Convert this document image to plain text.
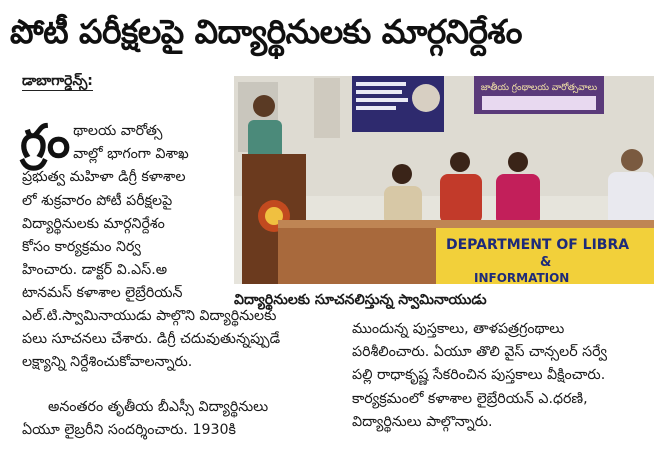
పోటీ పరీక్షలపై విద్యార్థినులకు మార్గనిర్దేశం
డాబాగార్డెన్స్:
గ్రం థాలయ వారోత్స
వాల్లో భాగంగా విశాఖ
ప్రభుత్వ మహిళా డిగ్రీ కళాశాల
లో శుక్రవారం పోటీ పరీక్షలపై
విద్యార్థినులకు మార్గనిర్దేశం
కోసం కార్యక్రమం నిర్వ
హించారు. డాక్టర్ వి.ఎస్.అ
టానమస్ కళాశాల లైబ్రేరియన్
జాతీయ గ్రంథాలయ వారోత్సవాలు
DEPARTMENT OF LIBRA
&
INFORMATION
విద్యార్థినులకు సూచనలిస్తున్న స్వామినాయుడు
ఎల్.టి.స్వామినాయుడు పాల్గొని విద్యార్థినులకు
పలు సూచనలు చేశారు. డిగ్రీ చదువుతున్నప్పుడే
లక్ష్యాన్ని నిర్దేశించుకోవాలన్నారు.
అనంతరం తృతీయ బీఎస్సీ విద్యార్థినులు
ఏయూ లైబ్రరీని సందర్శించారు. 1930కి
ముందున్న పుస్తకాలు, తాళపత్రగ్రంథాలు
పరిశీలించారు. ఏయూ తొలి వైస్ చాన్సలర్ సర్వే
పల్లి రాధాకృష్ణ సేకరించిన పుస్తకాలు వీక్షించారు.
కార్యక్రమంలో కళాశాల లైబ్రేరియన్ ఎ.ధరణి,
విద్యార్థినులు పాల్గొన్నారు.
